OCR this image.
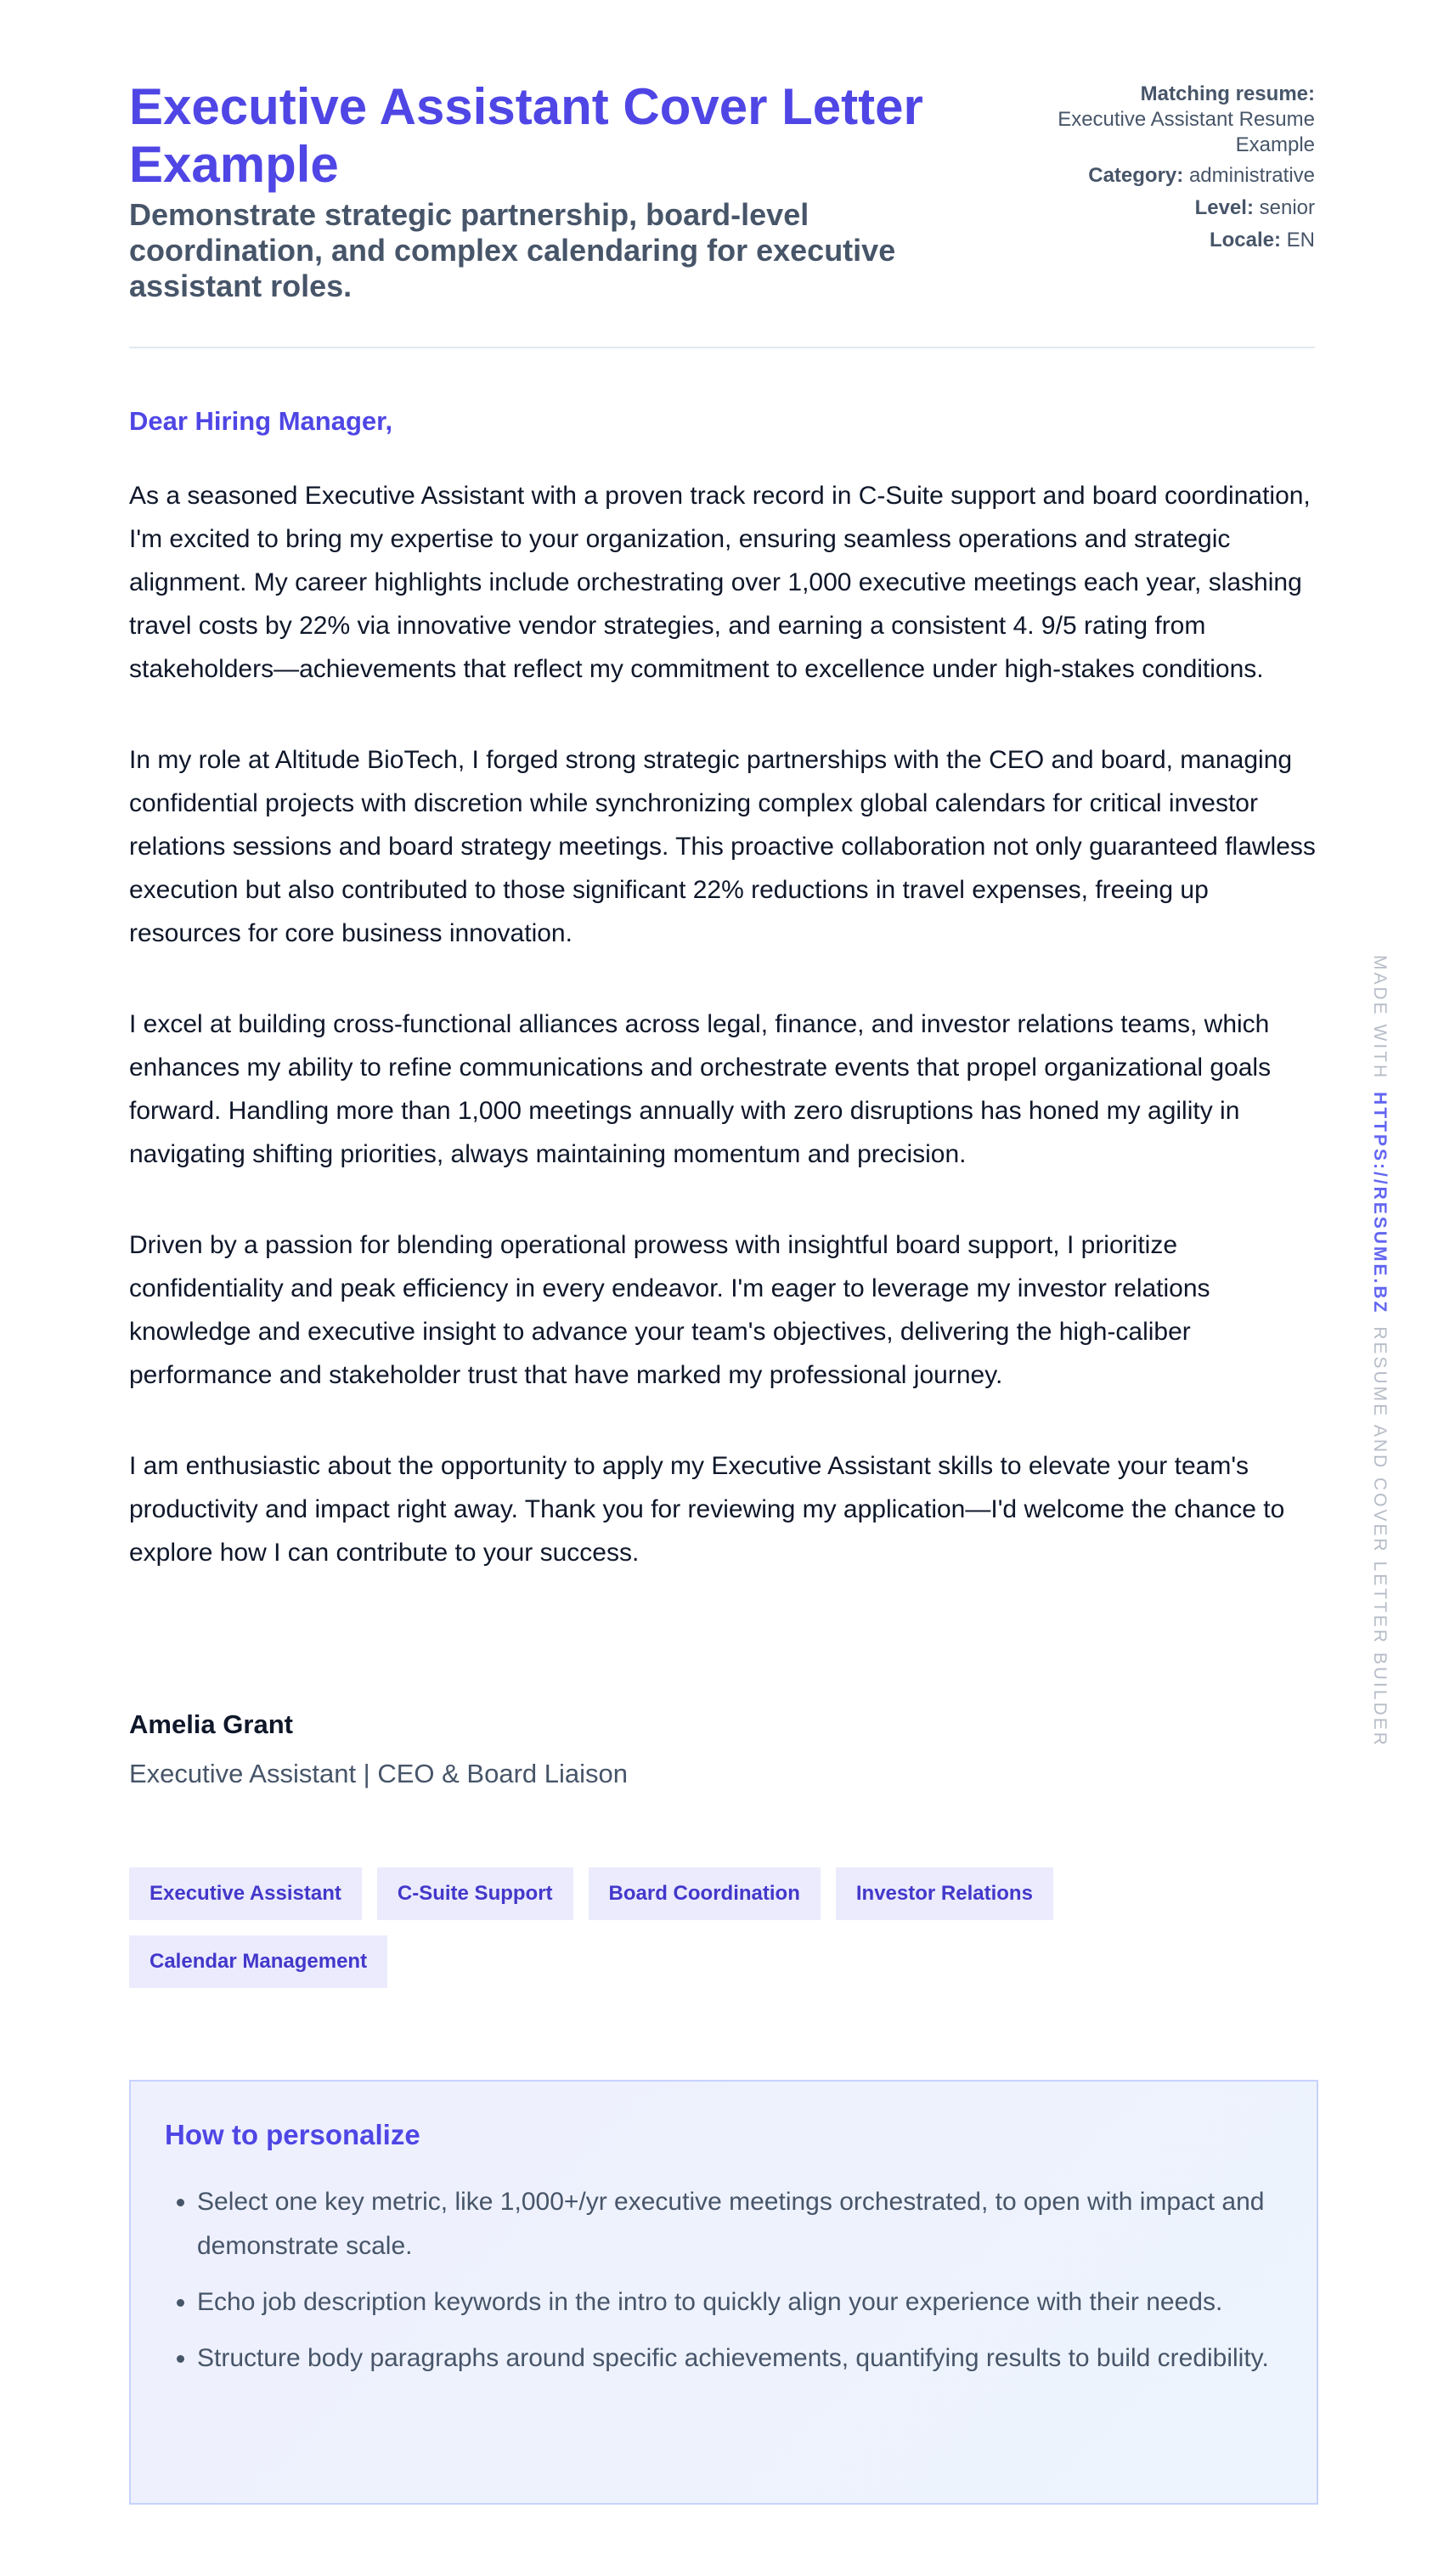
Executive Assistant Cover Letter Example

Demonstrate strategic partnership, board-level coordination, and complex calendaring for executive assistant roles.

Matching resume:
Executive Assistant Resume Example
Category: administrative
Level: senior
Locale: EN

Dear Hiring Manager,

As a seasoned Executive Assistant with a proven track record in C-Suite support and board coordination, I'm excited to bring my expertise to your organization, ensuring seamless operations and strategic alignment. My career highlights include orchestrating over 1,000 executive meetings each year, slashing travel costs by 22% via innovative vendor strategies, and earning a consistent 4. 9/5 rating from stakeholders—achievements that reflect my commitment to excellence under high-stakes conditions.

In my role at Altitude BioTech, I forged strong strategic partnerships with the CEO and board, managing confidential projects with discretion while synchronizing complex global calendars for critical investor relations sessions and board strategy meetings. This proactive collaboration not only guaranteed flawless execution but also contributed to those significant 22% reductions in travel expenses, freeing up resources for core business innovation.

I excel at building cross-functional alliances across legal, finance, and investor relations teams, which enhances my ability to refine communications and orchestrate events that propel organizational goals forward. Handling more than 1,000 meetings annually with zero disruptions has honed my agility in navigating shifting priorities, always maintaining momentum and precision.

Driven by a passion for blending operational prowess with insightful board support, I prioritize confidentiality and peak efficiency in every endeavor. I'm eager to leverage my investor relations knowledge and executive insight to advance your team's objectives, delivering the high-caliber performance and stakeholder trust that have marked my professional journey.

I am enthusiastic about the opportunity to apply my Executive Assistant skills to elevate your team's productivity and impact right away. Thank you for reviewing my application—I'd welcome the chance to explore how I can contribute to your success.

Amelia Grant
Executive Assistant | CEO & Board Liaison
Executive Assistant	C-Suite Support	Board Coordination	Investor Relations
Calendar Management
How to personalize
• Select one key metric, like 1,000+/yr executive meetings orchestrated, to open with impact and demonstrate scale.
• Echo job description keywords in the intro to quickly align your experience with their needs.
• Structure body paragraphs around specific achievements, quantifying results to build credibility.
MADE WITHHTTPS://RESUME.BZRESUME AND COVER LETTER BUILDER
